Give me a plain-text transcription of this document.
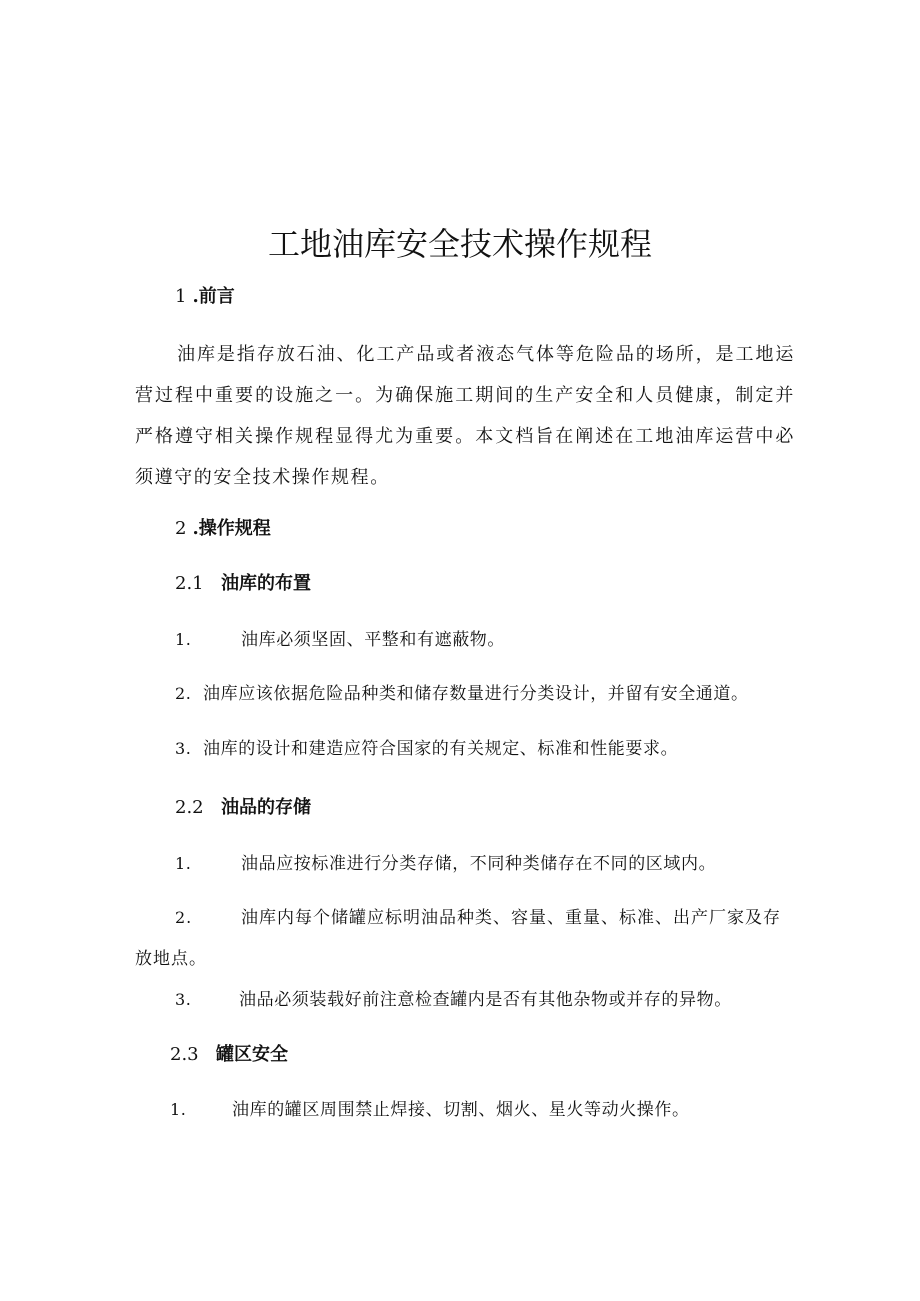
工地油库安全技术操作规程
1 .前言
油库是指存放石油、化工产品或者液态气体等危险品的场所，是工地运营过程中重要的设施之一。为确保施工期间的生产安全和人员健康，制定并严格遵守相关操作规程显得尤为重要。本文档旨在阐述在工地油库运营中必须遵守的安全技术操作规程。
2 .操作规程
2.1 油库的布置
1.	油库必须坚固、平整和有遮蔽物。
2. 油库应该依据危险品种类和储存数量进行分类设计，并留有安全通道。
3. 油库的设计和建造应符合国家的有关规定、标准和性能要求。
2.2 油品的存储
1.	油品应按标准进行分类存储，不同种类储存在不同的区域内。
2.	油库内每个储罐应标明油品种类、容量、重量、标准、出产厂家及存放地点。
3.	油品必须装载好前注意检查罐内是否有其他杂物或并存的异物。
2.3 罐区安全
1.	油库的罐区周围禁止焊接、切割、烟火、星火等动火操作。
